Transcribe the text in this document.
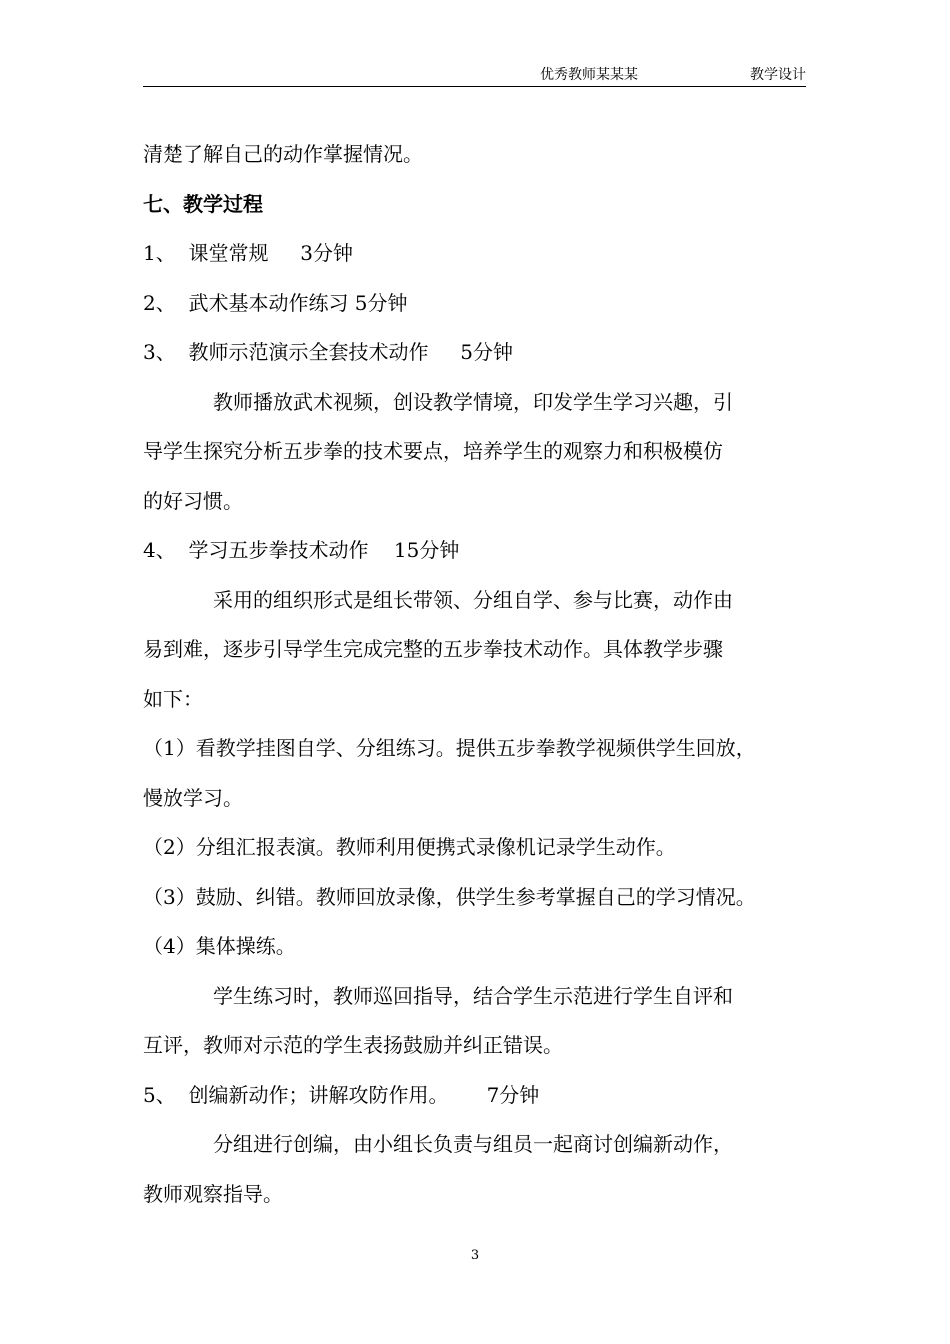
优秀教师某某某	教学设计
清楚了解自己的动作掌握情况。
七、教学过程
1、  课堂常规     3分钟
2、  武术基本动作练习 5分钟
3、  教师示范演示全套技术动作     5分钟
教师播放武术视频，创设教学情境，印发学生学习兴趣，引
导学生探究分析五步拳的技术要点，培养学生的观察力和积极模仿
的好习惯。
4、  学习五步拳技术动作    15分钟
采用的组织形式是组长带领、分组自学、参与比赛，动作由
易到难，逐步引导学生完成完整的五步拳技术动作。具体教学步骤
如下：
（1）看教学挂图自学、分组练习。提供五步拳教学视频供学生回放，
慢放学习。
（2）分组汇报表演。教师利用便携式录像机记录学生动作。
（3）鼓励、纠错。教师回放录像，供学生参考掌握自己的学习情况。
（4）集体操练。
学生练习时，教师巡回指导，结合学生示范进行学生自评和
互评，教师对示范的学生表扬鼓励并纠正错误。
5、  创编新动作；讲解攻防作用。      7分钟
分组进行创编，由小组长负责与组员一起商讨创编新动作，
教师观察指导。
3
